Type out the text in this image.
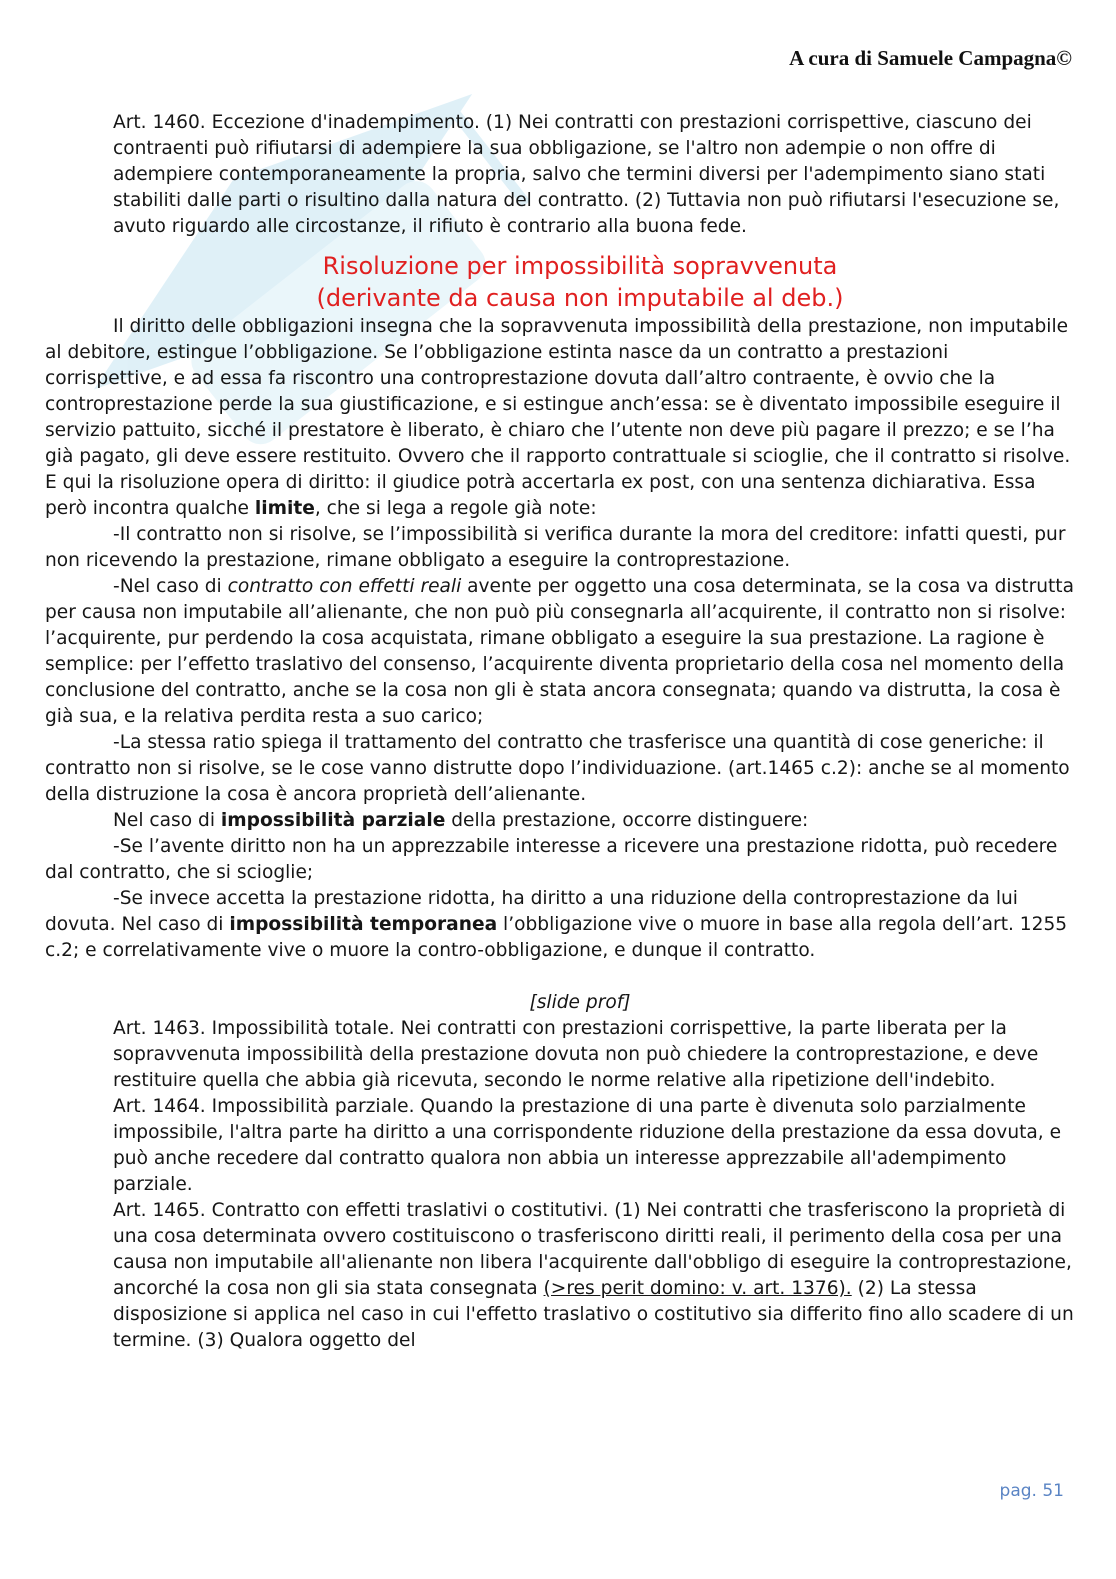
A cura di Samuele Campagna©

Art. 1460. Eccezione d'inadempimento. (1) Nei contratti con prestazioni corrispettive, ciascuno dei contraenti può rifiutarsi di adempiere la sua obbligazione, se l'altro non adempie o non offre di adempiere contemporaneamente la propria, salvo che termini diversi per l'adempimento siano stati stabiliti dalle parti o risultino dalla natura del contratto. (2) Tuttavia non può rifiutarsi l'esecuzione se, avuto riguardo alle circostanze, il rifiuto è contrario alla buona fede.

Risoluzione per impossibilità sopravvenuta
(derivante da causa non imputabile al deb.)

Il diritto delle obbligazioni insegna che la sopravvenuta impossibilità della prestazione, non imputabile al debitore, estingue l’obbligazione. Se l’obbligazione estinta nasce da un contratto a prestazioni corrispettive, e ad essa fa riscontro una controprestazione dovuta dall’altro contraente, è ovvio che la controprestazione perde la sua giustificazione, e si estingue anch’essa: se è diventato impossibile eseguire il servizio pattuito, sicché il prestatore è liberato, è chiaro che l’utente non deve più pagare il prezzo; e se l’ha già pagato, gli deve essere restituito. Ovvero che il rapporto contrattuale si scioglie, che il contratto si risolve. E qui la risoluzione opera di diritto: il giudice potrà accertarla ex post, con una sentenza dichiarativa. Essa però incontra qualche limite, che si lega a regole già note:

-Il contratto non si risolve, se l’impossibilità si verifica durante la mora del creditore: infatti questi, pur non ricevendo la prestazione, rimane obbligato a eseguire la controprestazione.

-Nel caso di contratto con effetti reali avente per oggetto una cosa determinata, se la cosa va distrutta per causa non imputabile all’alienante, che non può più consegnarla all’acquirente, il contratto non si risolve: l’acquirente, pur perdendo la cosa acquistata, rimane obbligato a eseguire la sua prestazione. La ragione è semplice: per l’effetto traslativo del consenso, l’acquirente diventa proprietario della cosa nel momento della conclusione del contratto, anche se la cosa non gli è stata ancora consegnata; quando va distrutta, la cosa è già sua, e la relativa perdita resta a suo carico;

-La stessa ratio spiega il trattamento del contratto che trasferisce una quantità di cose generiche: il contratto non si risolve, se le cose vanno distrutte dopo l’individuazione. (art.1465 c.2): anche se al momento della distruzione la cosa è ancora proprietà dell’alienante.

Nel caso di impossibilità parziale della prestazione, occorre distinguere:

-Se l’avente diritto non ha un apprezzabile interesse a ricevere una prestazione ridotta, può recedere dal contratto, che si scioglie;

-Se invece accetta la prestazione ridotta, ha diritto a una riduzione della controprestazione da lui dovuta. Nel caso di impossibilità temporanea l’obbligazione vive o muore in base alla regola dell’art. 1255 c.2; e correlativamente vive o muore la contro-obbligazione, e dunque il contratto.

[slide prof]

Art. 1463. Impossibilità totale. Nei contratti con prestazioni corrispettive, la parte liberata per la sopravvenuta impossibilità della prestazione dovuta non può chiedere la controprestazione, e deve restituire quella che abbia già ricevuta, secondo le norme relative alla ripetizione dell'indebito.

Art. 1464. Impossibilità parziale. Quando la prestazione di una parte è divenuta solo parzialmente impossibile, l'altra parte ha diritto a una corrispondente riduzione della prestazione da essa dovuta, e può anche recedere dal contratto qualora non abbia un interesse apprezzabile all'adempimento parziale.

Art. 1465. Contratto con effetti traslativi o costitutivi. (1) Nei contratti che trasferiscono la proprietà di una cosa determinata ovvero costituiscono o trasferiscono diritti reali, il perimento della cosa per una causa non imputabile all'alienante non libera l'acquirente dall'obbligo di eseguire la controprestazione, ancorché la cosa non gli sia stata consegnata (>res perit domino: v. art. 1376). (2) La stessa disposizione si applica nel caso in cui l'effetto traslativo o costitutivo sia differito fino allo scadere di un termine. (3) Qualora oggetto del

pag. 51
